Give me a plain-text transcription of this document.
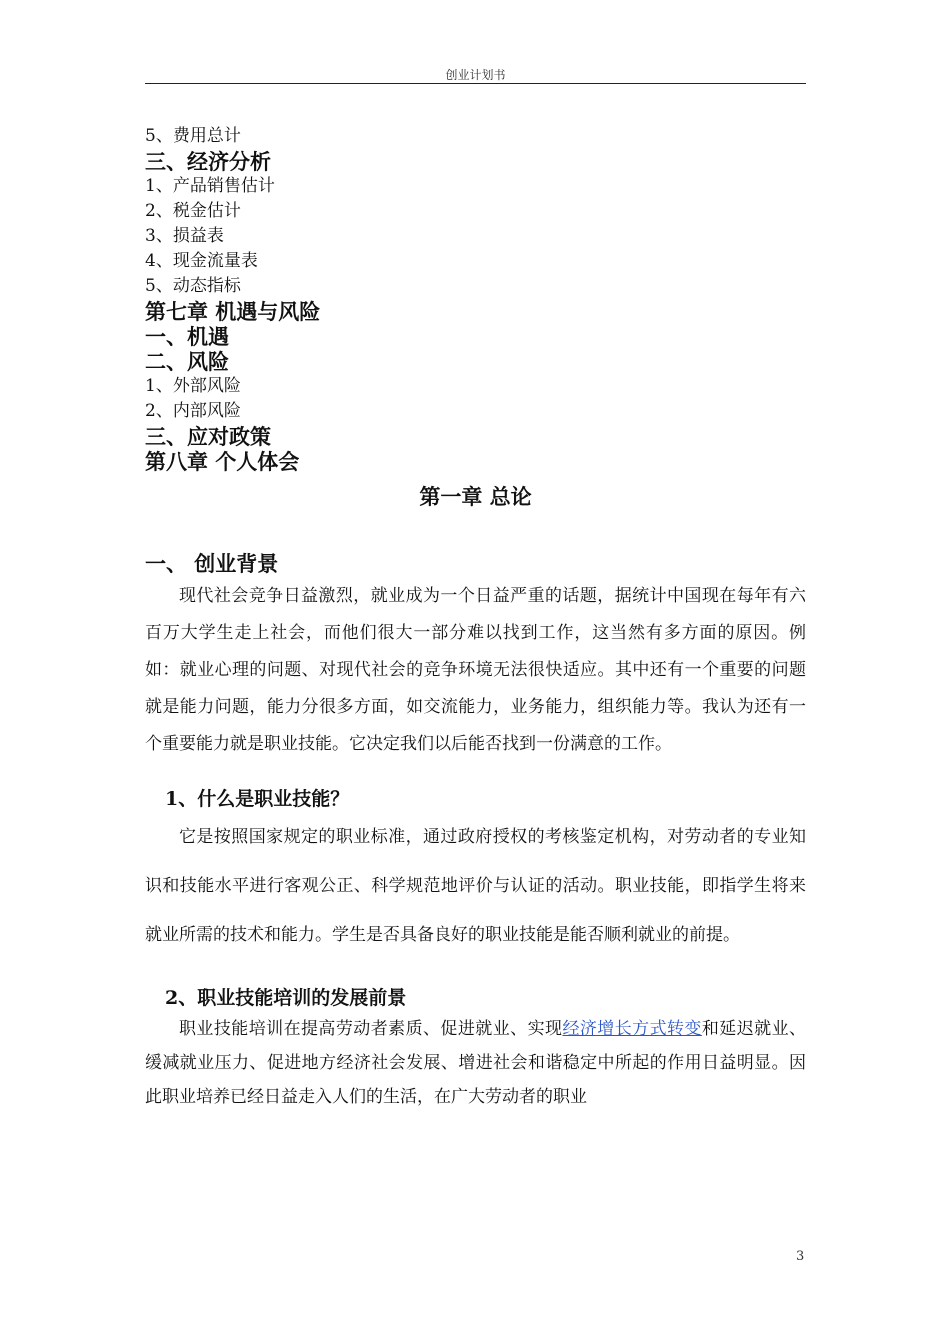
创业计划书

5、费用总计

三、经济分析

1、产品销售估计

2、税金估计

3、损益表

4、现金流量表

5、动态指标

第七章 机遇与风险

一、机遇

二、风险

1、外部风险

2、内部风险

三、应对政策

第八章 个人体会

第一章 总论
一、 创业背景

现代社会竞争日益激烈，就业成为一个日益严重的话题，据统计中国现在每年有六百万大学生走上社会，而他们很大一部分难以找到工作，这当然有多方面的原因。例如：就业心理的问题、对现代社会的竞争环境无法很快适应。其中还有一个重要的问题就是能力问题，能力分很多方面，如交流能力，业务能力，组织能力等。我认为还有一个重要能力就是职业技能。它决定我们以后能否找到一份满意的工作。

1、什么是职业技能？

它是按照国家规定的职业标准，通过政府授权的考核鉴定机构，对劳动者的专业知识和技能水平进行客观公正、科学规范地评价与认证的活动。职业技能，即指学生将来就业所需的技术和能力。学生是否具备良好的职业技能是能否顺利就业的前提。

2、职业技能培训的发展前景

职业技能培训在提高劳动者素质、促进就业、实现经济增长方式转变和延迟就业、缓减就业压力、促进地方经济社会发展、增进社会和谐稳定中所起的作用日益明显。因此职业培养已经日益走入人们的生活，在广大劳动者的职业

3
